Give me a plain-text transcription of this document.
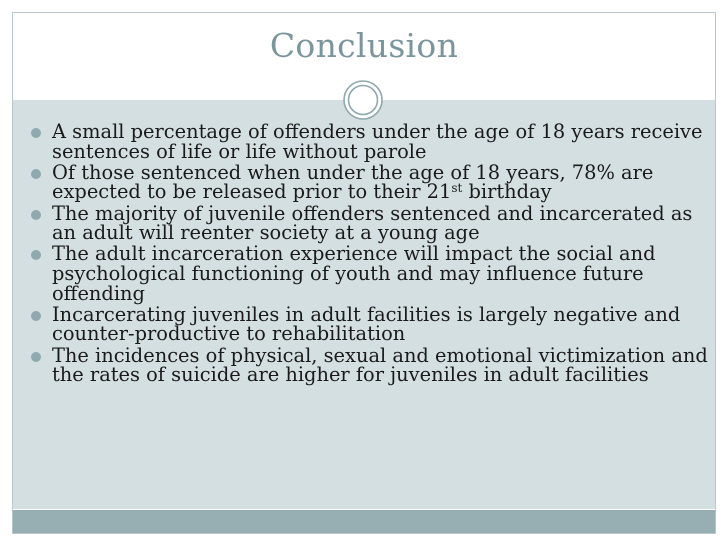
Conclusion
A small percentage of offenders under the age of 18 years receive sentences of life or life without parole
Of those sentenced when under the age of 18 years, 78% are expected to be released prior to their 21st birthday
The majority of juvenile offenders sentenced and incarcerated as an adult will reenter society at a young age
The adult incarceration experience will impact the social and psychological functioning of youth and may influence future offending
Incarcerating juveniles in adult facilities is largely negative and counter-productive to rehabilitation
The incidences of physical, sexual and emotional victimization and the rates of suicide are higher for juveniles in adult facilities
